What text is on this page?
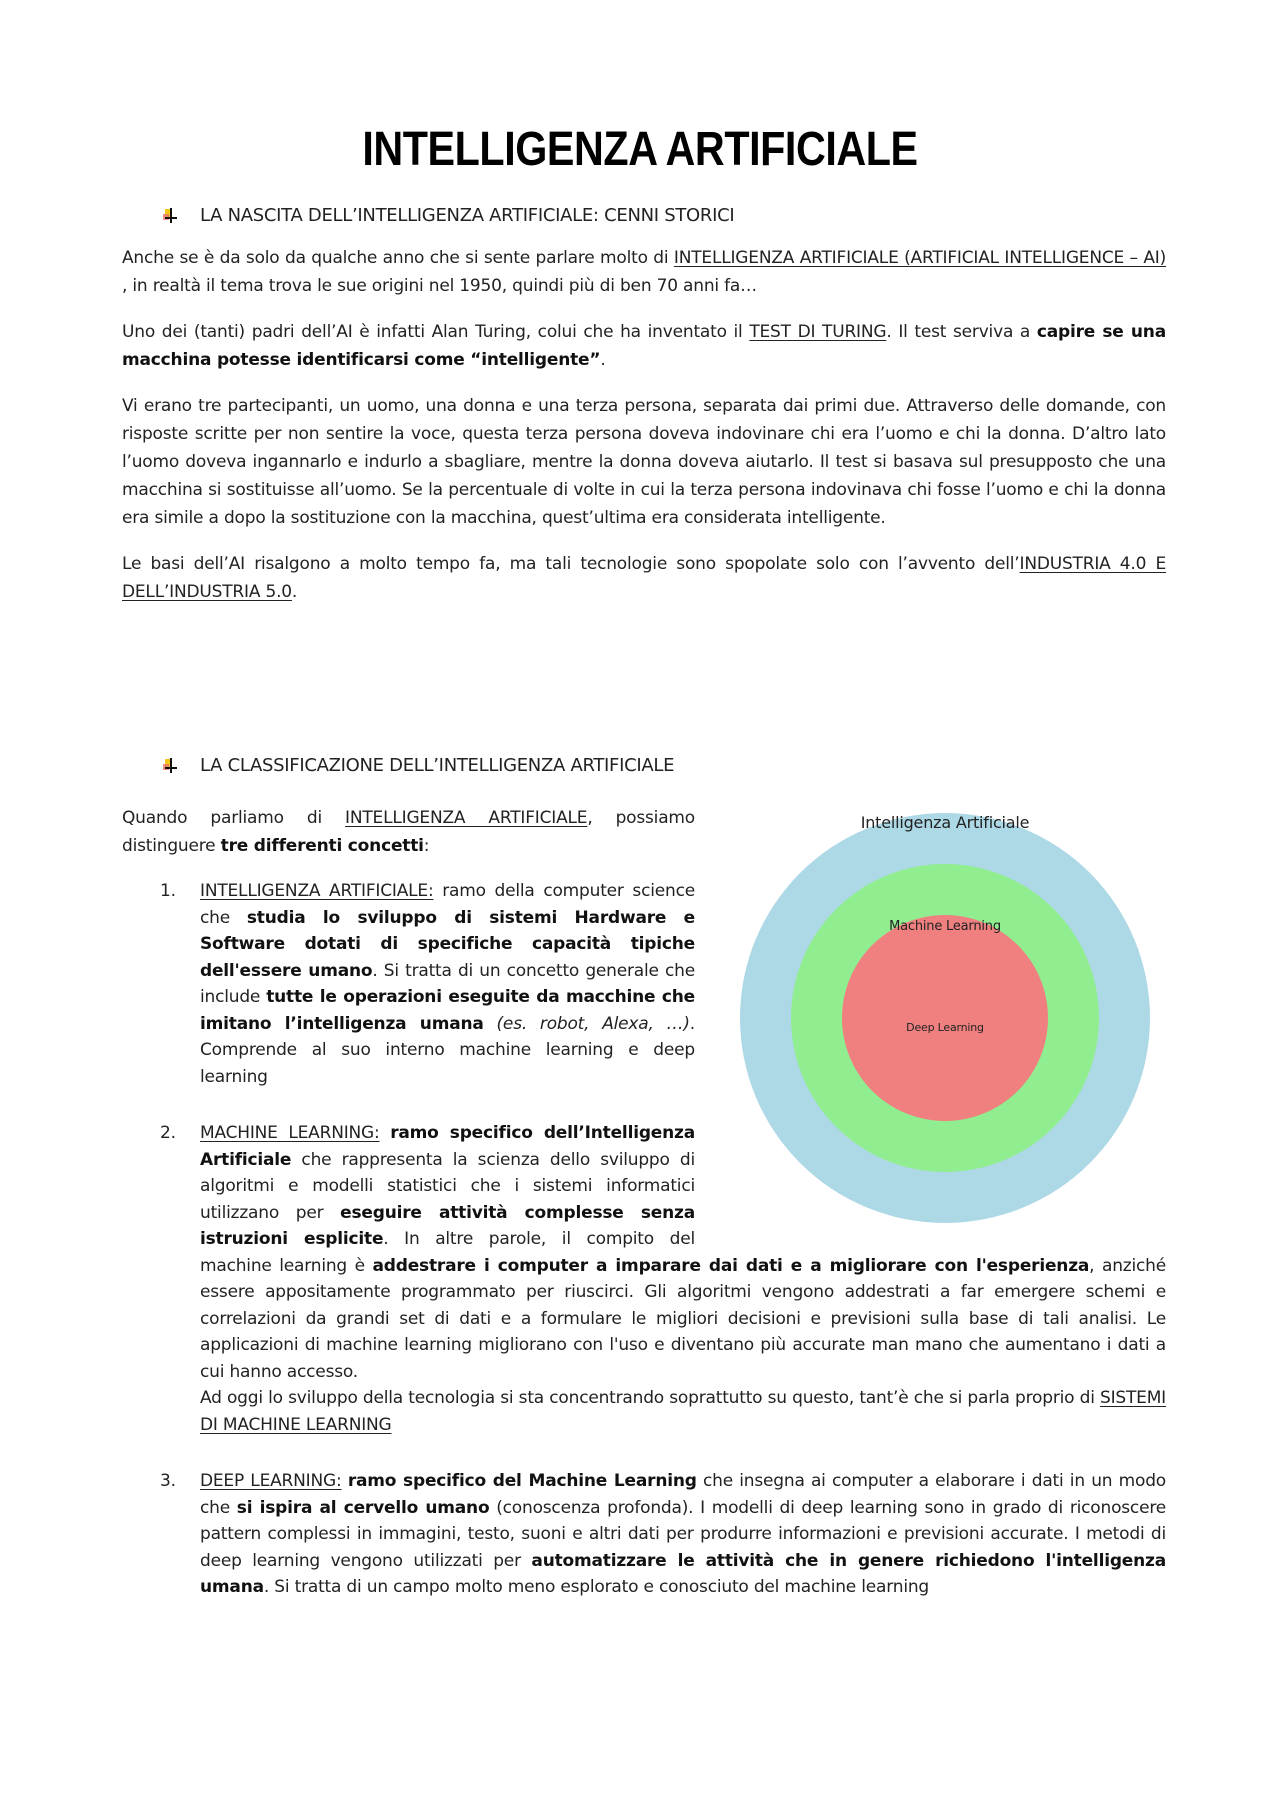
INTELLIGENZA ARTIFICIALE
LA NASCITA DELL’INTELLIGENZA ARTIFICIALE: CENNI STORICI

Anche se è da solo da qualche anno che si sente parlare molto di INTELLIGENZA ARTIFICIALE (ARTIFICIAL INTELLIGENCE – AI) , in realtà il tema trova le sue origini nel 1950, quindi più di ben 70 anni fa…

Uno dei (tanti) padri dell’AI è infatti Alan Turing, colui che ha inventato il TEST DI TURING. Il test serviva a capire se una macchina potesse identificarsi come “intelligente”.

Vi erano tre partecipanti, un uomo, una donna e una terza persona, separata dai primi due. Attraverso delle domande, con risposte scritte per non sentire la voce, questa terza persona doveva indovinare chi era l’uomo e chi la donna. D’altro lato l’uomo doveva ingannarlo e indurlo a sbagliare, mentre la donna doveva aiutarlo. Il test si basava sul presupposto che una macchina si sostituisse all’uomo. Se la percentuale di volte in cui la terza persona indovinava chi fosse l’uomo e chi la donna era simile a dopo la sostituzione con la macchina, quest’ultima era considerata intelligente.

Le basi dell’AI risalgono a molto tempo fa, ma tali tecnologie sono spopolate solo con l’avvento dell’INDUSTRIA 4.0 E DELL’INDUSTRIA 5.0.

LA CLASSIFICAZIONE DELL’INTELLIGENZA ARTIFICIALE
Intelligenza Artificiale
Machine Learning
Deep Learning

Quando parliamo di INTELLIGENZA ARTIFICIALE, possiamo distinguere tre differenti concetti:

1. INTELLIGENZA ARTIFICIALE: ramo della computer science che studia lo sviluppo di sistemi Hardware e Software dotati di specifiche capacità tipiche dell'essere umano. Si tratta di un concetto generale che include tutte le operazioni eseguite da macchine che imitano l’intelligenza umana (es. robot, Alexa, …). Comprende al suo interno machine learning e deep learning
2. MACHINE LEARNING: ramo specifico dell’Intelligenza Artificiale che rappresenta la scienza dello sviluppo di algoritmi e modelli statistici che i sistemi informatici utilizzano per eseguire attività complesse senza istruzioni esplicite. In altre parole, il compito del machine learning è addestrare i computer a imparare dai dati e a migliorare con l'esperienza, anziché essere appositamente programmato per riuscirci. Gli algoritmi vengono addestrati a far emergere schemi e correlazioni da grandi set di dati e a formulare le migliori decisioni e previsioni sulla base di tali analisi. Le applicazioni di machine learning migliorano con l'uso e diventano più accurate man mano che aumentano i dati a cui hanno accesso.
Ad oggi lo sviluppo della tecnologia si sta concentrando soprattutto su questo, tant’è che si parla proprio di SISTEMI DI MACHINE LEARNING
3. DEEP LEARNING: ramo specifico del Machine Learning che insegna ai computer a elaborare i dati in un modo che si ispira al cervello umano (conoscenza profonda). I modelli di deep learning sono in grado di riconoscere pattern complessi in immagini, testo, suoni e altri dati per produrre informazioni e previsioni accurate. I metodi di deep learning vengono utilizzati per automatizzare le attività che in genere richiedono l'intelligenza umana. Si tratta di un campo molto meno esplorato e conosciuto del machine learning
